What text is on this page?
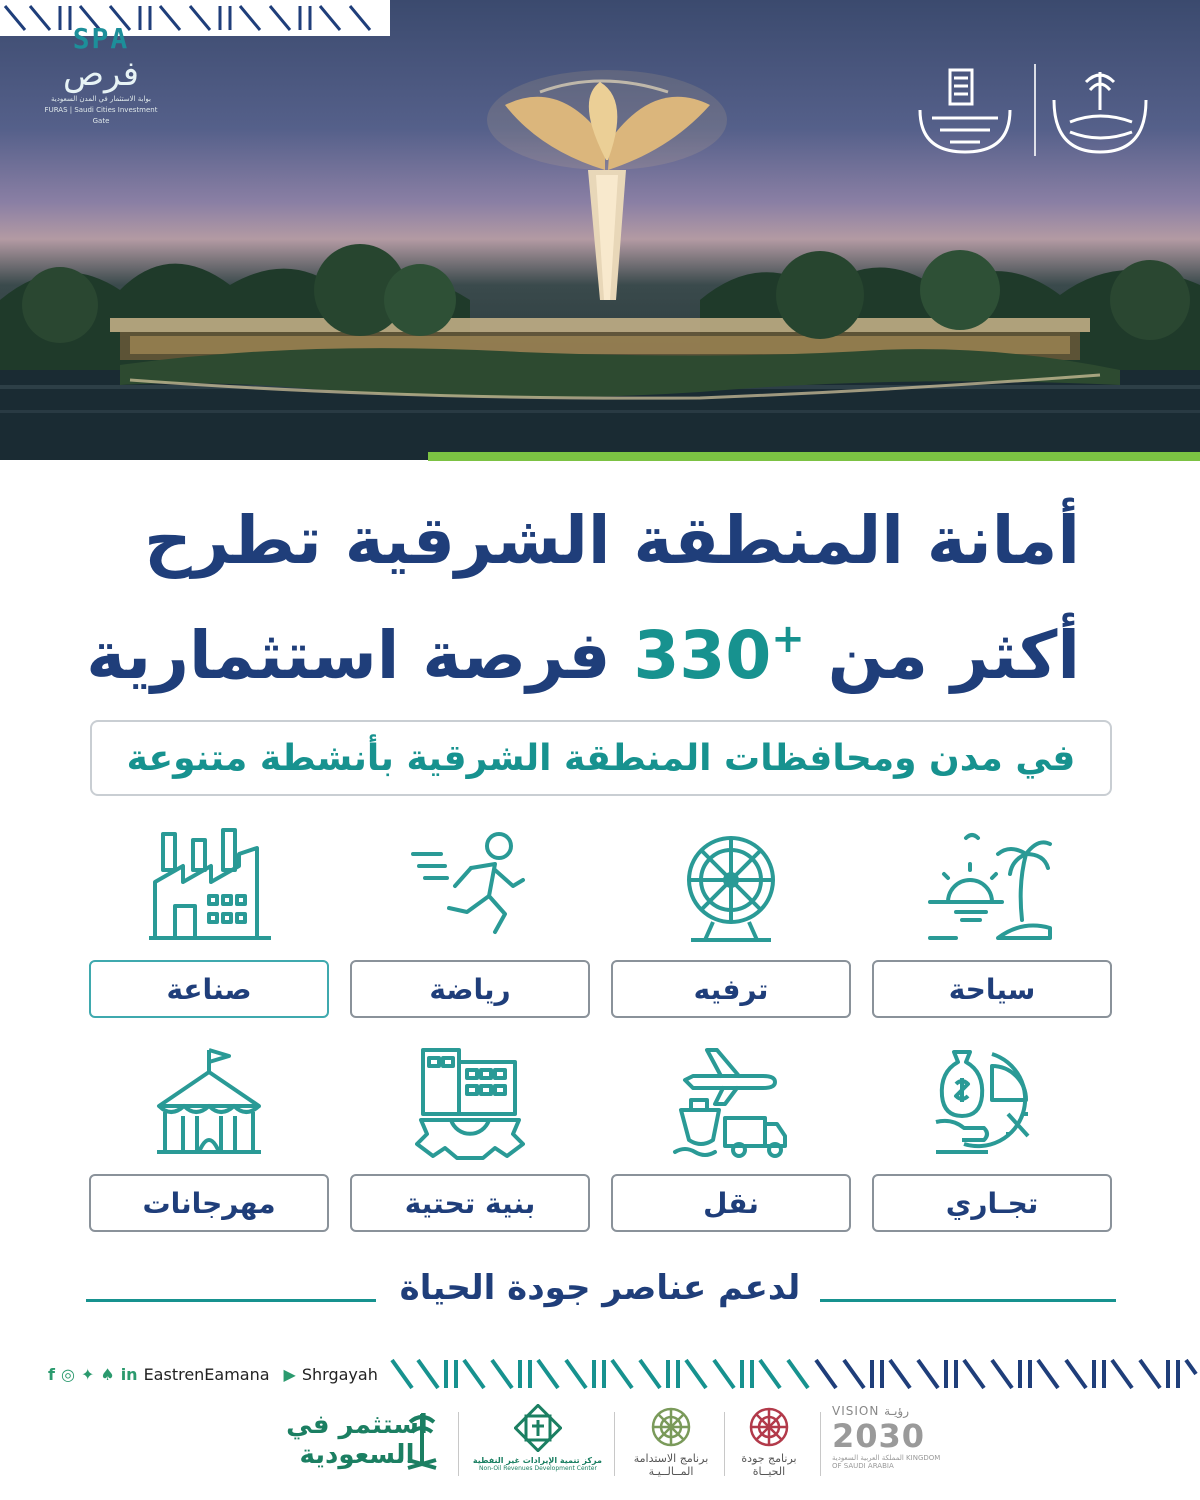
SPA
فرص
بوابة الاستثمار في المدن السعودية
FURAS | Saudi Cities Investment Gate
أمانة المنطقة الشرقية تطرح
أكثر من 330+ فرصة استثمارية
في مدن ومحافظات المنطقة الشرقية بأنشطة متنوعة
صناعة	رياضة	ترفيه	سياحة
مهرجانات	بنية تحتية	نقل	تجـاري
لدعم عناصر جودة الحياة
f ◎ ✦ ♠ in EastrenEamana ▶ Shrgayah
استثمر في
السعودية	مركز تنمية الإيرادات غير النفطية
Non-Oil Revenues Development Center
برنامج الاستدامة
المــالــيـة
برنامج جودة
الحيــاة
VISION رؤيـة
2030
المملكة العربية السعودية KINGDOM OF SAUDI ARABIA
